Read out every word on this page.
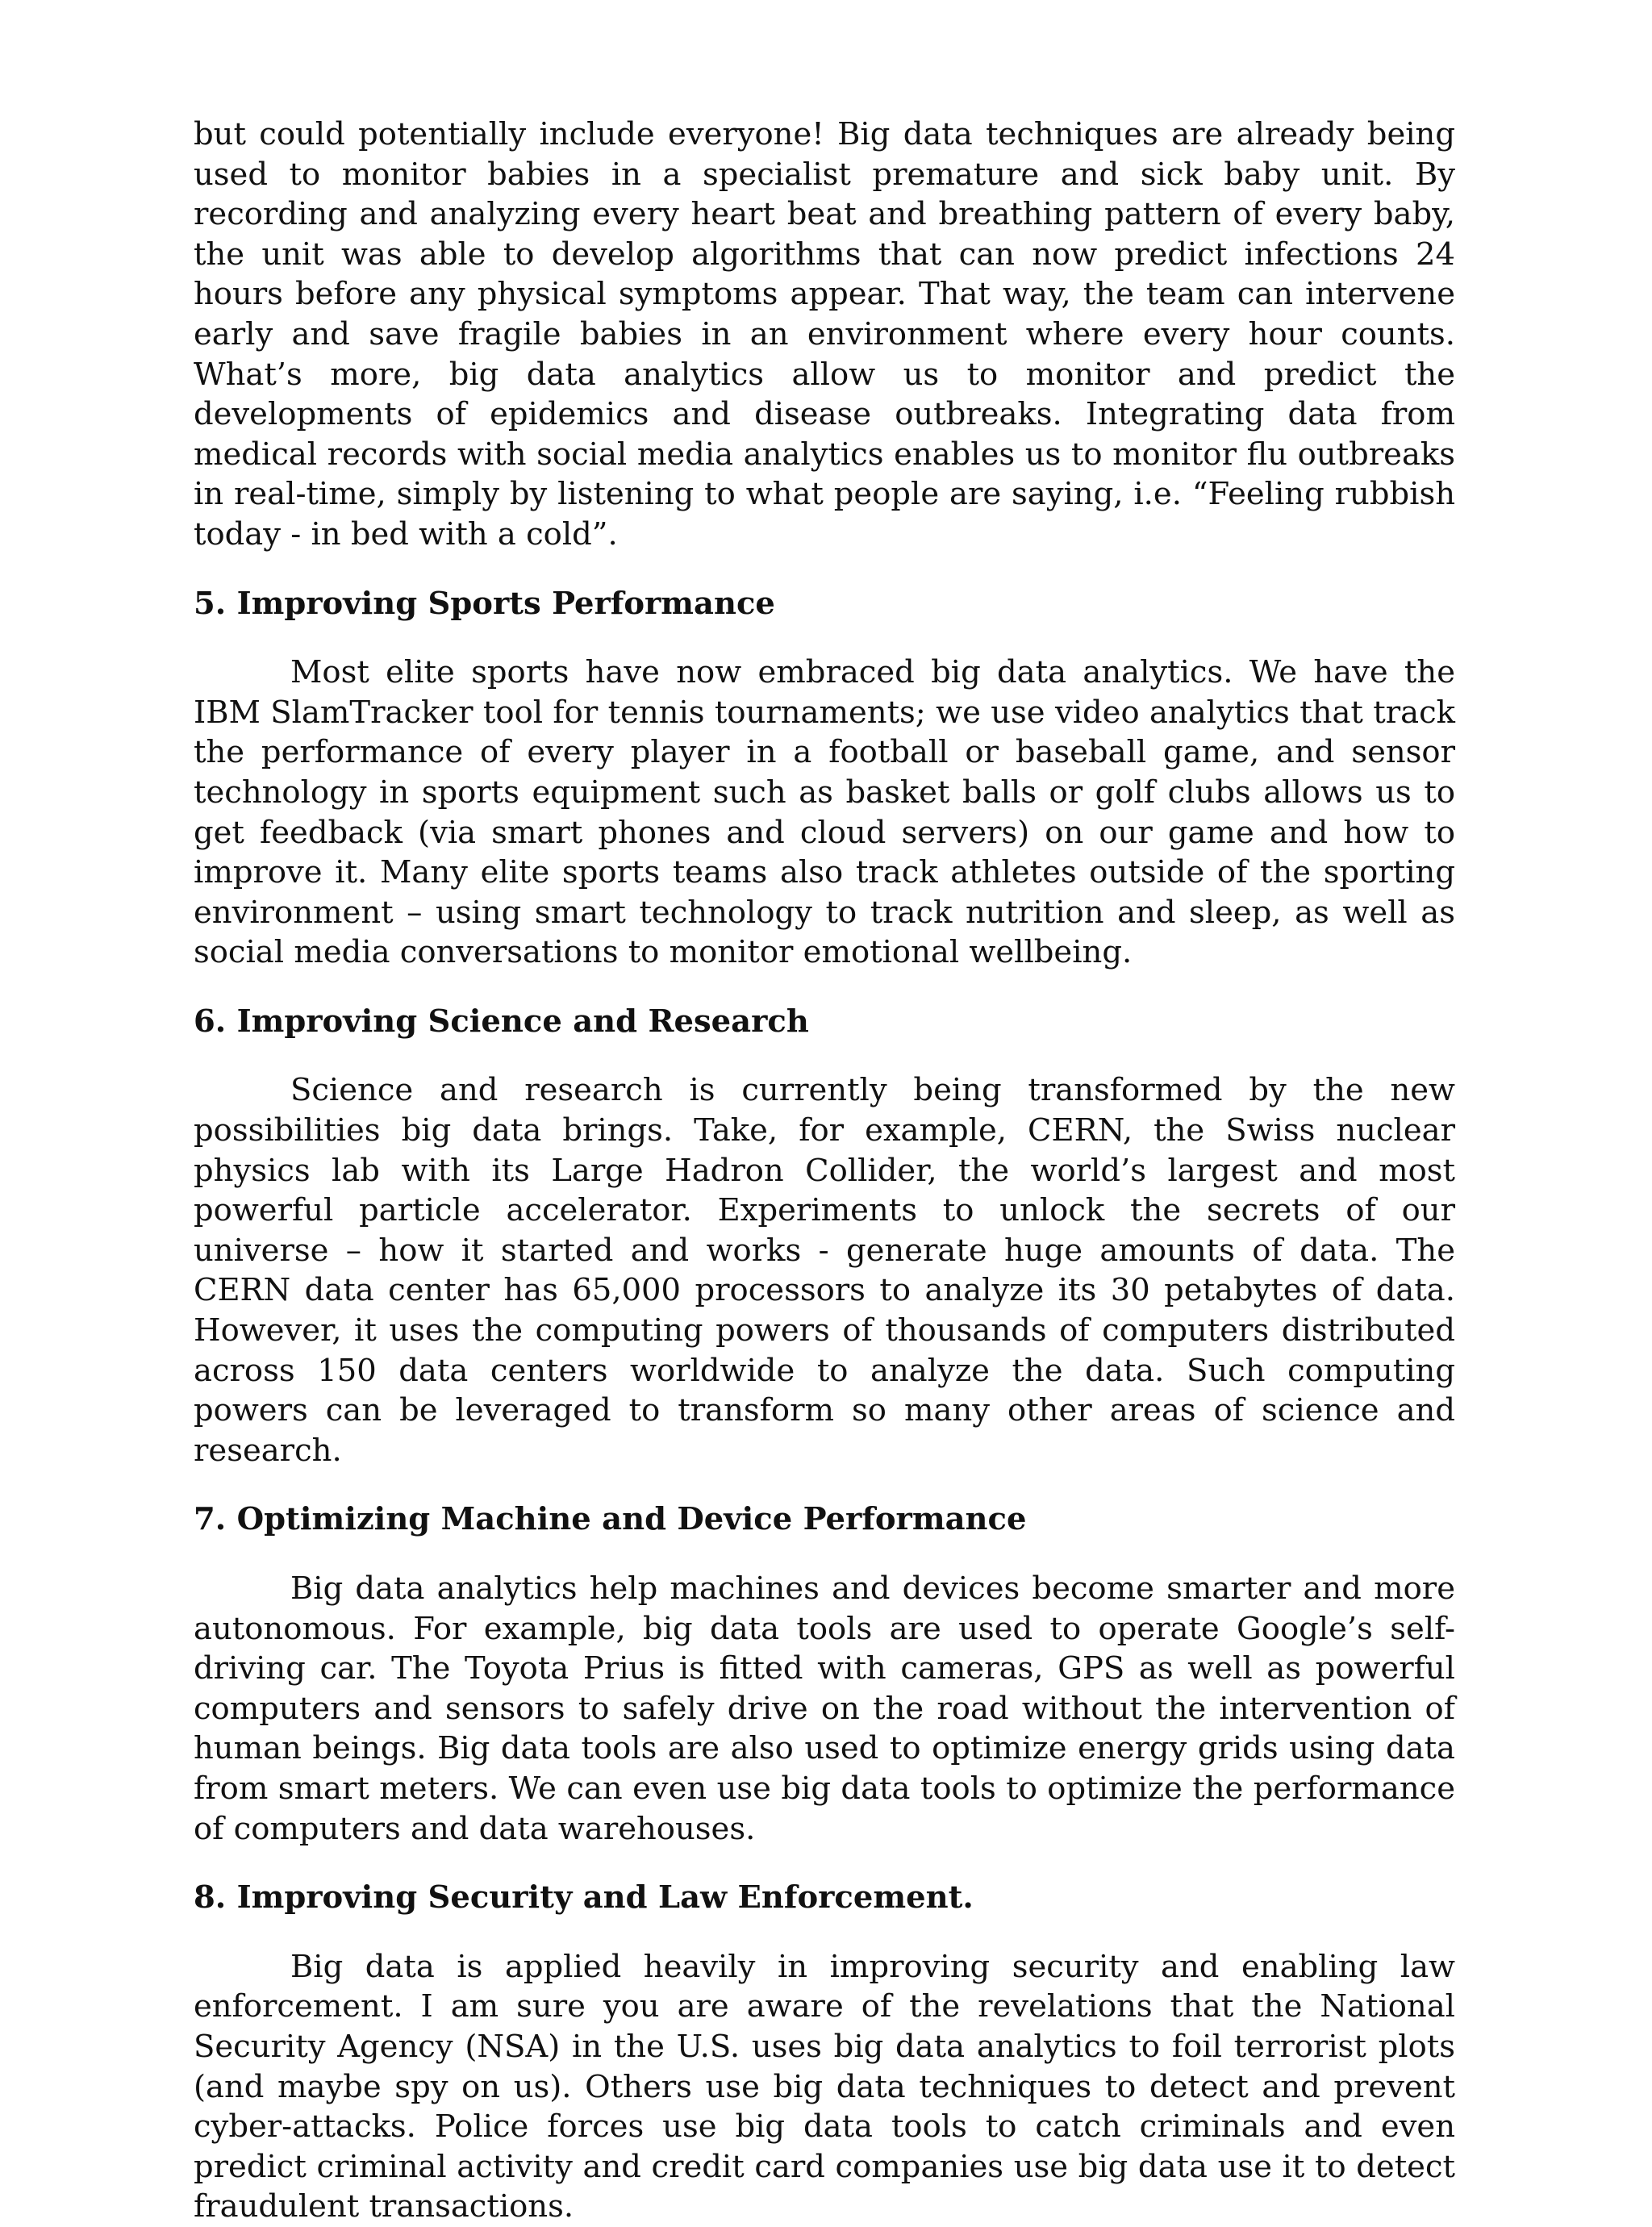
but could potentially include everyone! Big data techniques are already being used to monitor babies in a specialist premature and sick baby unit. By recording and analyzing every heart beat and breathing pattern of every baby, the unit was able to develop algorithms that can now predict infections 24 hours before any physical symptoms appear. That way, the team can intervene early and save fragile babies in an environment where every hour counts. What’s more, big data analytics allow us to monitor and predict the developments of epidemics and disease outbreaks. Integrating data from medical records with social media analytics enables us to monitor flu outbreaks in real-time, simply by listening to what people are saying, i.e. “Feeling rubbish today - in bed with a cold”.

5. Improving Sports Performance

Most elite sports have now embraced big data analytics. We have the IBM SlamTracker tool for tennis tournaments; we use video analytics that track the performance of every player in a football or baseball game, and sensor technology in sports equipment such as basket balls or golf clubs allows us to get feedback (via smart phones and cloud servers) on our game and how to improve it. Many elite sports teams also track athletes outside of the sporting environment – using smart technology to track nutrition and sleep, as well as social media conversations to monitor emotional wellbeing.

6. Improving Science and Research

Science and research is currently being transformed by the new possibilities big data brings. Take, for example, CERN, the Swiss nuclear physics lab with its Large Hadron Collider, the world’s largest and most powerful particle accelerator. Experiments to unlock the secrets of our universe – how it started and works - generate huge amounts of data. The CERN data center has 65,000 processors to analyze its 30 petabytes of data. However, it uses the computing powers of thousands of computers distributed across 150 data centers worldwide to analyze the data. Such computing powers can be leveraged to transform so many other areas of science and research.

7. Optimizing Machine and Device Performance

Big data analytics help machines and devices become smarter and more autonomous. For example, big data tools are used to operate Google’s self-driving car. The Toyota Prius is fitted with cameras, GPS as well as powerful computers and sensors to safely drive on the road without the intervention of human beings. Big data tools are also used to optimize energy grids using data from smart meters. We can even use big data tools to optimize the performance of computers and data warehouses.

8. Improving Security and Law Enforcement.

Big data is applied heavily in improving security and enabling law enforcement. I am sure you are aware of the revelations that the National Security Agency (NSA) in the U.S. uses big data analytics to foil terrorist plots (and maybe spy on us). Others use big data techniques to detect and prevent cyber-attacks. Police forces use big data tools to catch criminals and even predict criminal activity and credit card companies use big data use it to detect fraudulent transactions.
